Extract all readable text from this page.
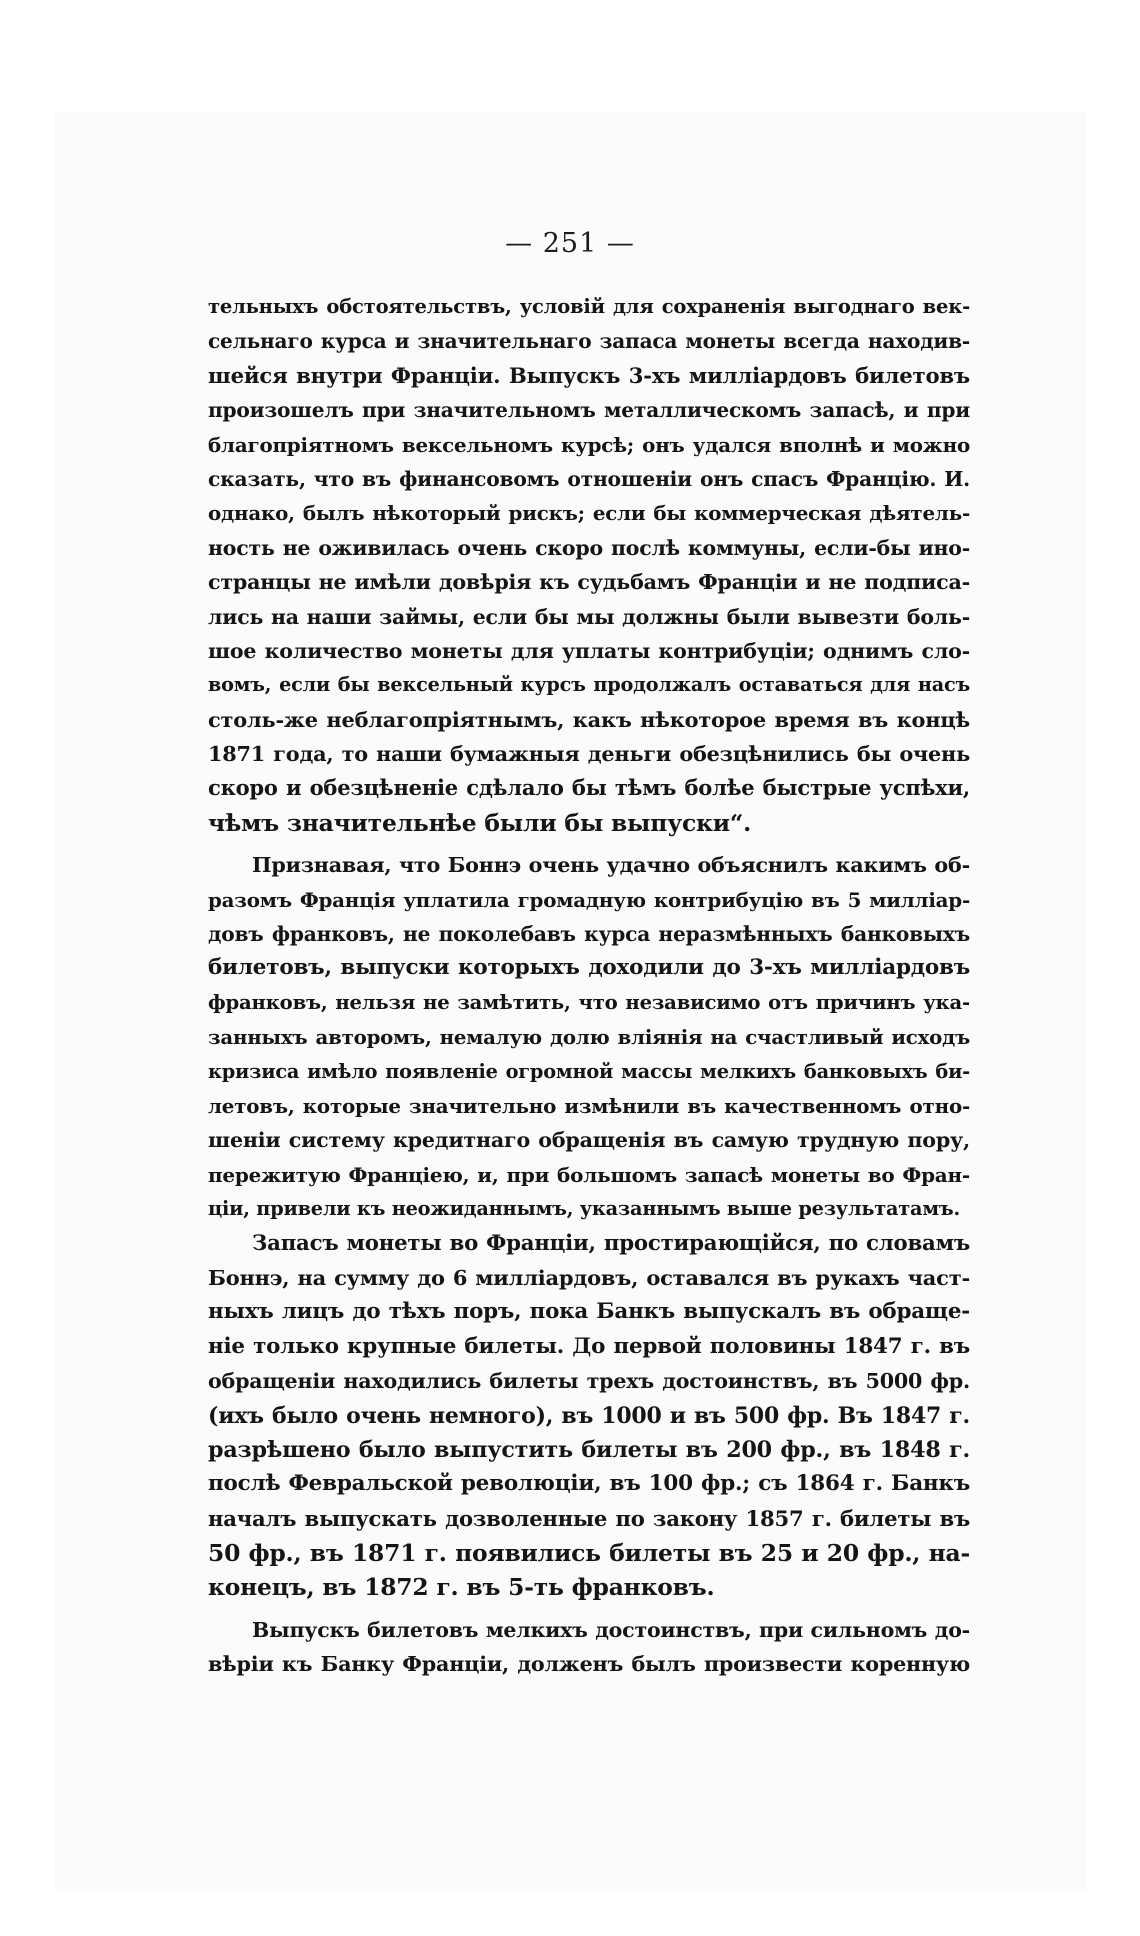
— 251 —
тельныхъ обстоятельствъ, условій для сохраненія выгоднаго век-
сельнаго курса и значительнаго запаса монеты всегда находив-
шейся внутри Франціи. Выпускъ 3-хъ милліардовъ билетовъ
произошелъ при значительномъ металлическомъ запасѣ, и при
благопріятномъ вексельномъ курсѣ; онъ удался вполнѣ и можно
сказать, что въ финансовомъ отношеніи онъ спасъ Францію. И.
однако, былъ нѣкоторый рискъ; если бы коммерческая дѣятель-
ность не оживилась очень скоро послѣ коммуны, если-бы ино-
странцы не имѣли довѣрія къ судьбамъ Франціи и не подписа-
лись на наши займы, если бы мы должны были вывезти боль-
шое количество монеты для уплаты контрибуціи; однимъ сло-
вомъ, если бы вексельный курсъ продолжалъ оставаться для насъ
столь-же неблагопріятнымъ, какъ нѣкоторое время въ концѣ
1871 года, то наши бумажныя деньги обезцѣнились бы очень
скоро и обезцѣненіе сдѣлало бы тѣмъ болѣе быстрые успѣхи,
чѣмъ значительнѣе были бы выпуски“.
Признавая, что Боннэ очень удачно объяснилъ какимъ об-
разомъ Франція уплатила громадную контрибуцію въ 5 милліар-
довъ франковъ, не поколебавъ курса неразмѣнныхъ банковыхъ
билетовъ, выпуски которыхъ доходили до 3-хъ милліардовъ
франковъ, нельзя не замѣтить, что независимо отъ причинъ ука-
занныхъ авторомъ, немалую долю вліянія на счастливый исходъ
кризиса имѣло появленіе огромной массы мелкихъ банковыхъ би-
летовъ, которые значительно измѣнили въ качественномъ отно-
шеніи систему кредитнаго обращенія въ самую трудную пору,
пережитую Франціею, и, при большомъ запасѣ монеты во Фран-
ціи, привели къ неожиданнымъ, указаннымъ выше результатамъ.
Запасъ монеты во Франціи, простирающійся, по словамъ
Боннэ, на сумму до 6 милліардовъ, оставался въ рукахъ част-
ныхъ лицъ до тѣхъ поръ, пока Банкъ выпускалъ въ обраще-
ніе только крупные билеты. До первой половины 1847 г. въ
обращеніи находились билеты трехъ достоинствъ, въ 5000 фр.
(ихъ было очень немного), въ 1000 и въ 500 фр. Въ 1847 г.
разрѣшено было выпустить билеты въ 200 фр., въ 1848 г.
послѣ Февральской революціи, въ 100 фр.; съ 1864 г. Банкъ
началъ выпускать дозволенные по закону 1857 г. билеты въ
50 фр., въ 1871 г. появились билеты въ 25 и 20 фр., на-
конецъ, въ 1872 г. въ 5-ть франковъ.
Выпускъ билетовъ мелкихъ достоинствъ, при сильномъ до-
вѣріи къ Банку Франціи, долженъ былъ произвести коренную
